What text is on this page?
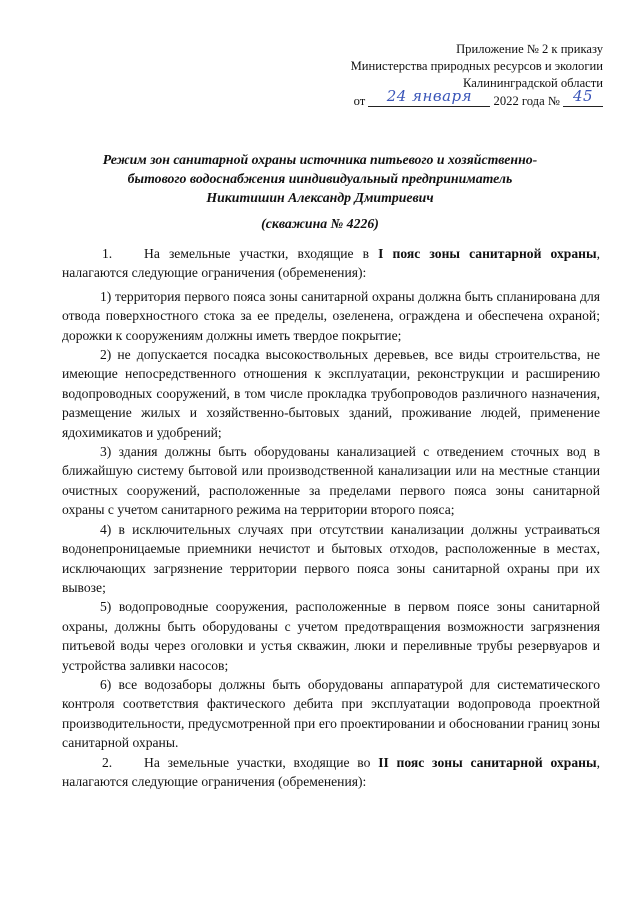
Приложение № 2 к приказу
Министерства природных ресурсов и экологии
Калининградской области
от 24 января 2022 года № 45
Режим зон санитарной охраны источника питьевого и хозяйственно-
бытового водоснабжения ииндивидуальный предприниматель
Никитишин Александр Дмитриевич
(скважина № 4226)

1. На земельные участки, входящие в I пояс зоны санитарной охраны, налагаются следующие ограничения (обременения):

1) территория первого пояса зоны санитарной охраны должна быть спланирована для отвода поверхностного стока за ее пределы, озеленена, ограждена и обеспечена охраной; дорожки к сооружениям должны иметь твердое покрытие;

2) не допускается посадка высокоствольных деревьев, все виды строительства, не имеющие непосредственного отношения к эксплуатации, реконструкции и расширению водопроводных сооружений, в том числе прокладка трубопроводов различного назначения, размещение жилых и хозяйственно-бытовых зданий, проживание людей, применение ядохимикатов и удобрений;

3) здания должны быть оборудованы канализацией с отведением сточных вод в ближайшую систему бытовой или производственной канализации или на местные станции очистных сооружений, расположенные за пределами первого пояса зоны санитарной охраны с учетом санитарного режима на территории второго пояса;

4) в исключительных случаях при отсутствии канализации должны устраиваться водонепроницаемые приемники нечистот и бытовых отходов, расположенные в местах, исключающих загрязнение территории первого пояса зоны санитарной охраны при их вывозе;

5) водопроводные сооружения, расположенные в первом поясе зоны санитарной охраны, должны быть оборудованы с учетом предотвращения возможности загрязнения питьевой воды через оголовки и устья скважин, люки и переливные трубы резервуаров и устройства заливки насосов;

6) все водозаборы должны быть оборудованы аппаратурой для систематического контроля соответствия фактического дебита при эксплуатации водопровода проектной производительности, предусмотренной при его проектировании и обосновании границ зоны санитарной охраны.

2. На земельные участки, входящие во II пояс зоны санитарной охраны, налагаются следующие ограничения (обременения):
